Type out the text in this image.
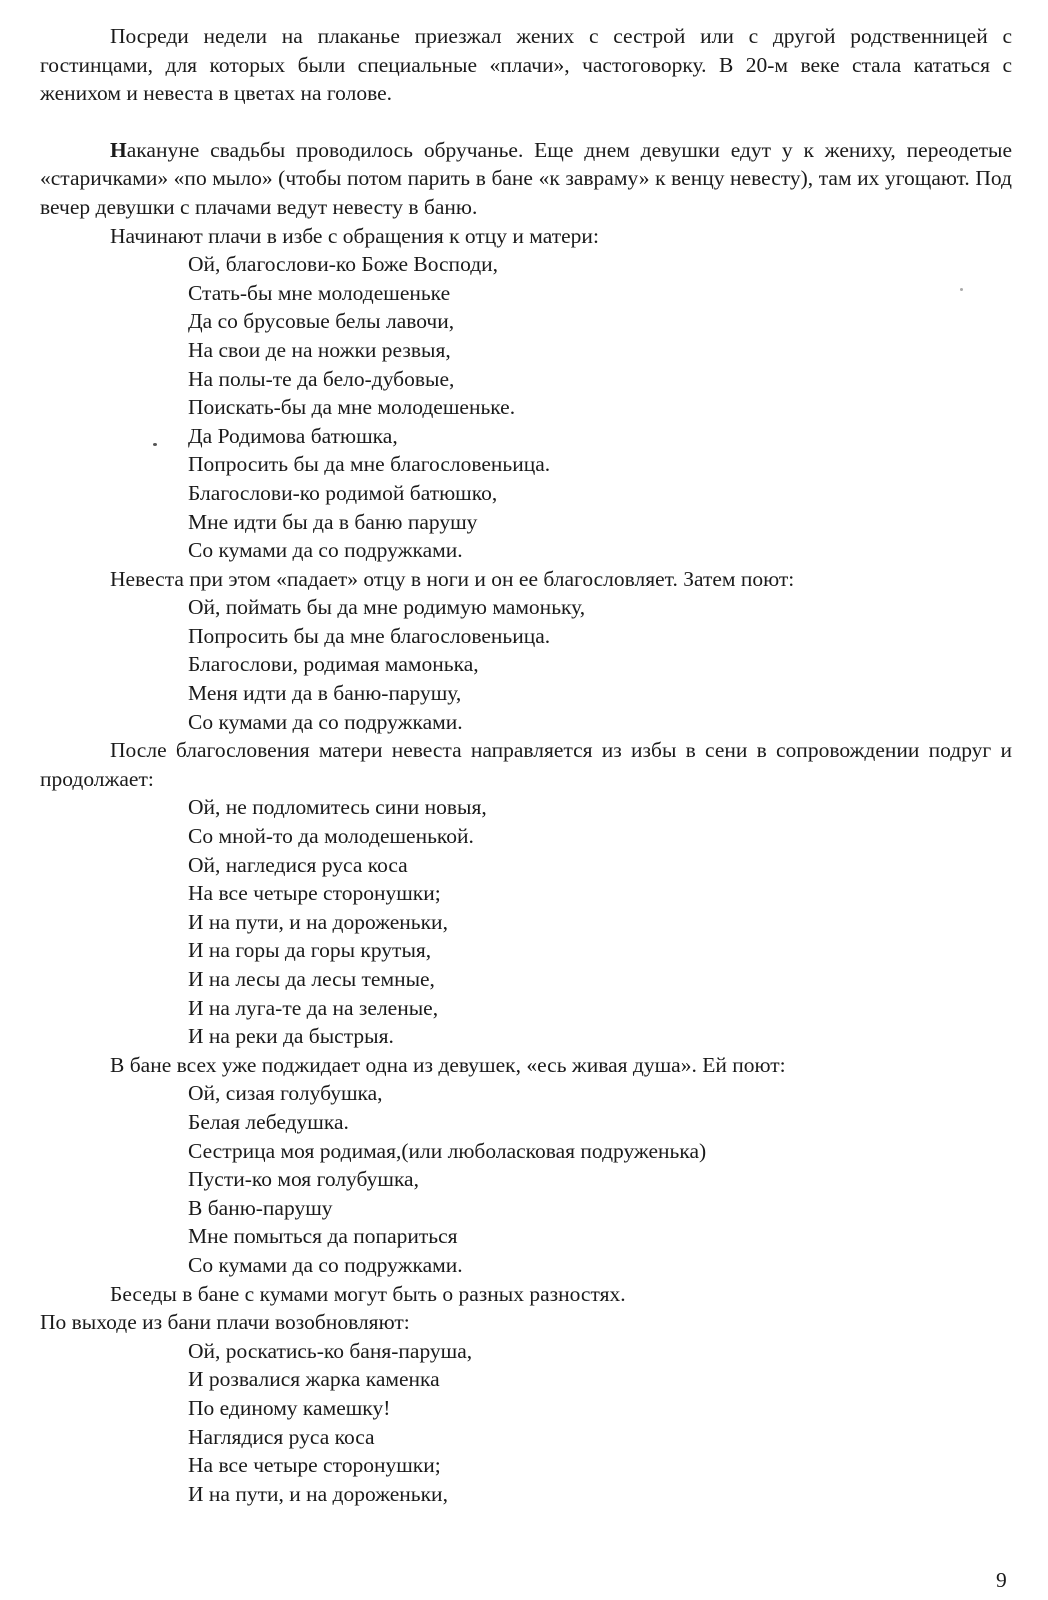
Посреди недели на плаканье приезжал жених с сестрой или с другой родственницей с гостинцами, для которых были специальные «плачи», частоговорку. В 20-м веке стала кататься с женихом и невеста в цветах на голове.

Накануне свадьбы проводилось обручанье. Еще днем девушки едут у к жениху, переодетые «старичками» «по мыло» (чтобы потом парить в бане «к завраму» к венцу невесту), там их угощают. Под вечер девушки с плачами ведут невесту в баню.

Начинают плачи в избе с обращения к отцу и матери:

Ой, благослови-ко Боже Восподи,
Стать-бы мне молодешеньке
Да со брусовые белы лавочи,
На свои де на ножки резвыя,
На полы-те да бело-дубовые,
Поискать-бы да мне молодешеньке.
Да Родимова батюшка,
Попросить бы да мне благословеньица.
Благослови-ко родимой батюшко,
Мне идти бы да в баню парушу
Со кумами да со подружками.

Невеста при этом «падает» отцу в ноги и он ее благословляет. Затем поют:

Ой, поймать бы да мне родимую мамоньку,
Попросить бы да мне благословеньица.
Благослови, родимая мамонька,
Меня идти да в баню-парушу,
Со кумами да со подружками.

После благословения матери невеста направляется из избы в сени в сопровождении подруг и продолжает:

Ой, не подломитесь сини новыя,
Со мной-то да молодешенькой.
Ой, нагледися руса коса
На все четыре сторонушки;
И на пути, и на дороженьки,
И на горы да горы крутыя,
И на лесы да лесы темные,
И на луга-те да на зеленые,
И на реки да быстрыя.

В бане всех уже поджидает одна из девушек, «есь живая душа». Ей поют:

Ой, сизая голубушка,
Белая лебедушка.
Сестрица моя родимая,(или люболасковая подруженька)
Пусти-ко моя голубушка,
В баню-парушу
Мне помыться да попариться
Со кумами да со подружками.

Беседы в бане с кумами могут быть о разных разностях.

По выходе из бани плачи возобновляют:

Ой, роскатись-ко баня-паруша,
И розвалися жарка каменка
По единому камешку!
Нaглядися руса коса
На все четыре сторонушки;
И на пути, и на дороженьки,
9
